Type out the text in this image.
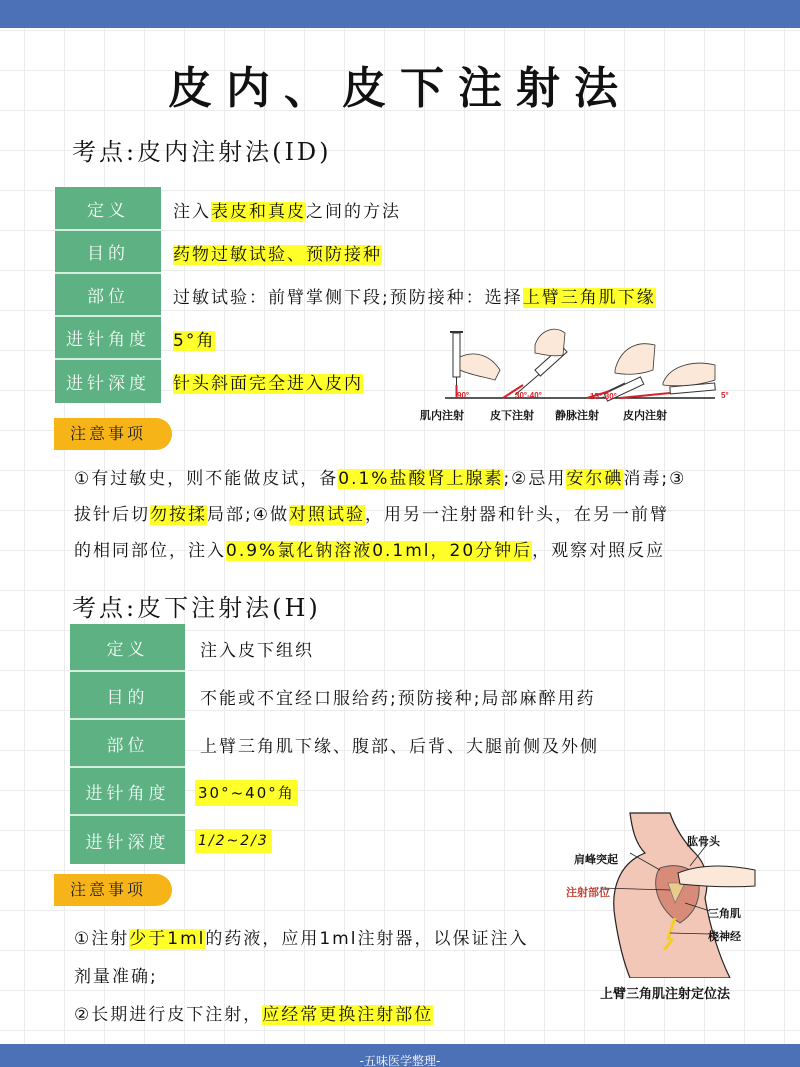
皮内、皮下注射法
考点:皮内注射法(ID)
定义	注入表皮和真皮之间的方法
目的	药物过敏试验、预防接种
部位	过敏试验：前臂掌侧下段;预防接种：选择上臂三角肌下缘
进针角度	5°角
进针深度	针头斜面完全进入皮内
90°	30°-40°	15°-30°	5°
肌内注射 皮下注射 静脉注射 皮内注射
注意事项

①有过敏史，则不能做皮试，备0.1%盐酸肾上腺素;②忌用安尔碘消毒;③

拔针后切勿按揉局部;④做对照试验，用另一注射器和针头，在另一前臂

的相同部位，注入0.9%氯化钠溶液0.1ml，20分钟后，观察对照反应

考点:皮下注射法(H)
定义	注入皮下组织
目的	不能或不宜经口服给药;预防接种;局部麻醉用药
部位	上臂三角肌下缘、腹部、后背、大腿前侧及外侧
进针角度	30°~40°角
进针深度	1/2~2/3
注意事项

①注射少于1ml的药液，应用1ml注射器，以保证注入

剂量准确;

②长期进行皮下注射，应经常更换注射部位

肩峰突起
肱骨头
注射部位
三角肌
桡神经
上臂三角肌注射定位法
-五味医学整理-
